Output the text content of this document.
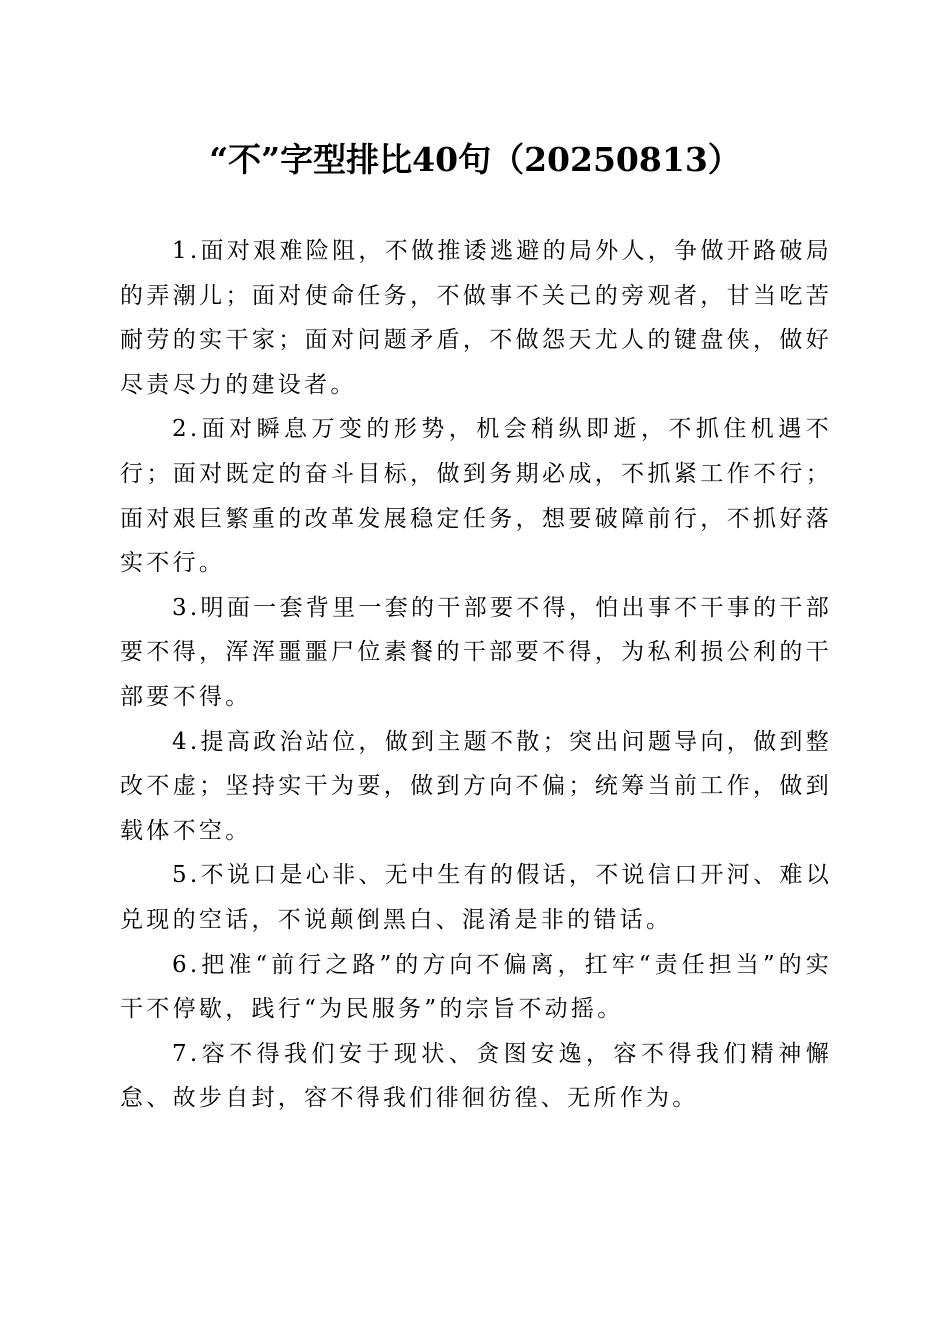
“不”字型排比40句（20250813）

1.面对艰难险阻，不做推诿逃避的局外人，争做开路破局的弄潮儿；面对使命任务，不做事不关己的旁观者，甘当吃苦耐劳的实干家；面对问题矛盾，不做怨天尤人的键盘侠，做好尽责尽力的建设者。

2.面对瞬息万变的形势，机会稍纵即逝，不抓住机遇不行；面对既定的奋斗目标，做到务期必成，不抓紧工作不行；面对艰巨繁重的改革发展稳定任务，想要破障前行，不抓好落实不行。

3.明面一套背里一套的干部要不得，怕出事不干事的干部要不得，浑浑噩噩尸位素餐的干部要不得，为私利损公利的干部要不得。

4.提高政治站位，做到主题不散；突出问题导向，做到整改不虚；坚持实干为要，做到方向不偏；统筹当前工作，做到载体不空。

5.不说口是心非、无中生有的假话，不说信口开河、难以兑现的空话，不说颠倒黑白、混淆是非的错话。

6.把准“前行之路”的方向不偏离，扛牢“责任担当”的实干不停歇，践行“为民服务”的宗旨不动摇。

7.容不得我们安于现状、贪图安逸，容不得我们精神懈怠、故步自封，容不得我们徘徊彷徨、无所作为。
